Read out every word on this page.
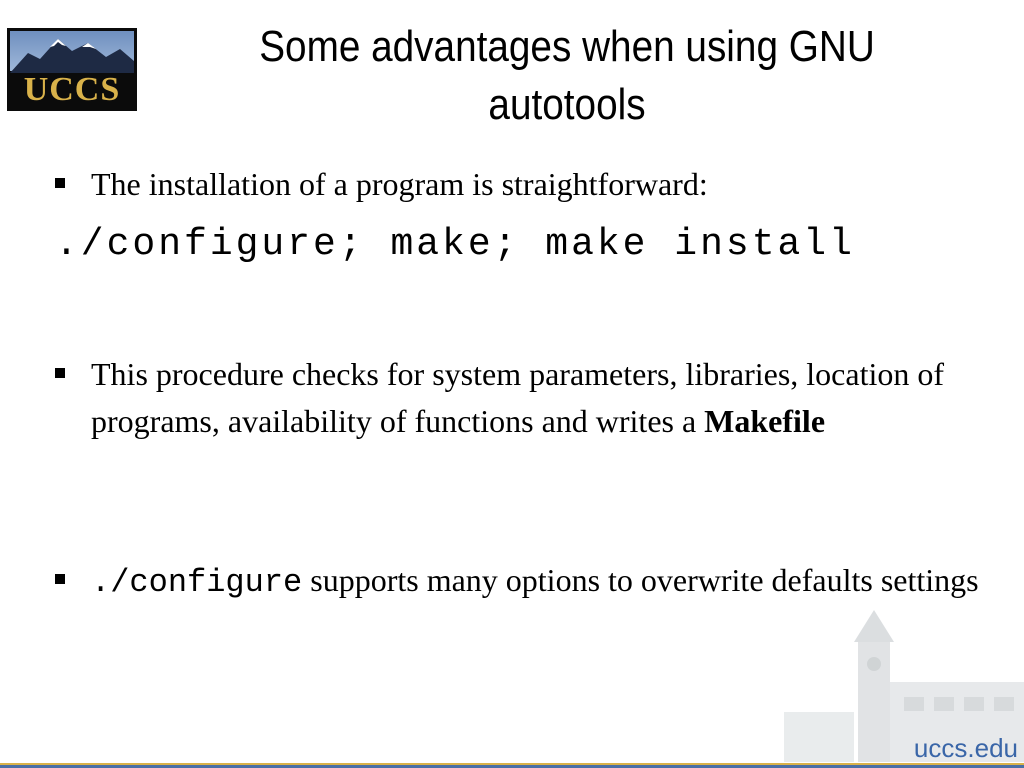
UCCS
Some advantages when using GNU
autotools
The installation of a program is straightforward:
./configure; make; make install
This procedure checks for system parameters, libraries, location of programs, availability of functions and writes a Makefile
./configure supports many options to overwrite defaults settings
uccs.edu
